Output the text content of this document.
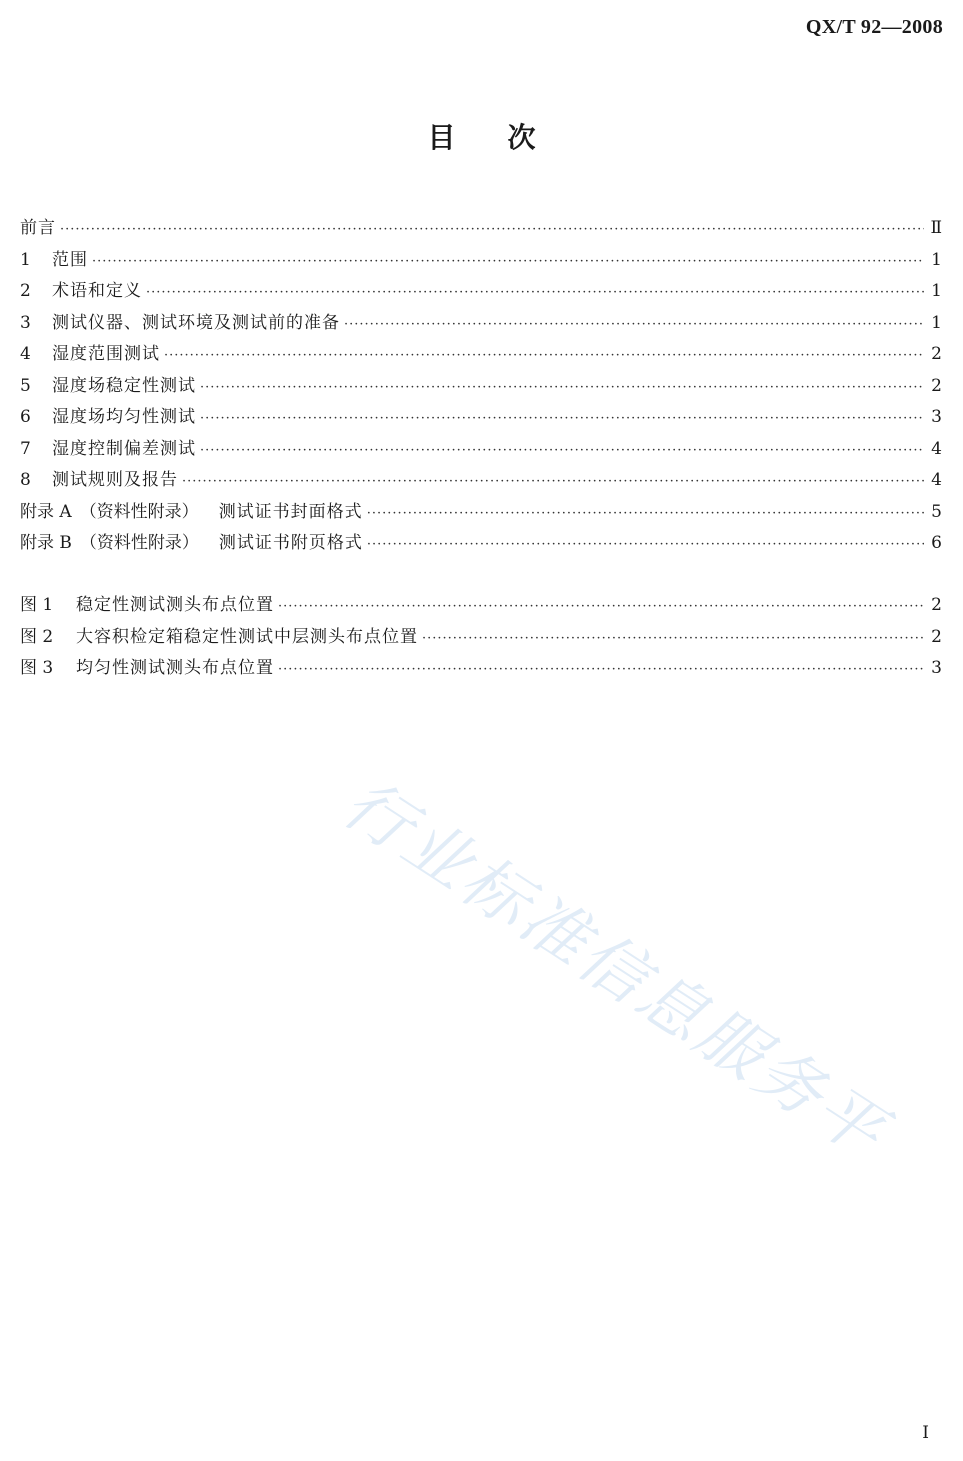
QX/T 92—2008
目次
前言 ·····	Ⅱ
1	范围 ·····	1
2	术语和定义 ·····	1
3	测试仪器、测试环境及测试前的准备 ·····	1
4	湿度范围测试 ·····	2
5	湿度场稳定性测试 ·····	2
6	湿度场均匀性测试 ·····	3
7	湿度控制偏差测试 ·····	4
8	测试规则及报告 ·····	4
附录 A （资料性附录） 测试证书封面格式 ·····	5
附录 B （资料性附录） 测试证书附页格式 ·····	6
图 1	稳定性测试测头布点位置 ·····	2
图 2	大容积检定箱稳定性测试中层测头布点位置 ·····	2
图 3	均匀性测试测头布点位置 ·····	3
行业标准信息服务平
Ⅰ
